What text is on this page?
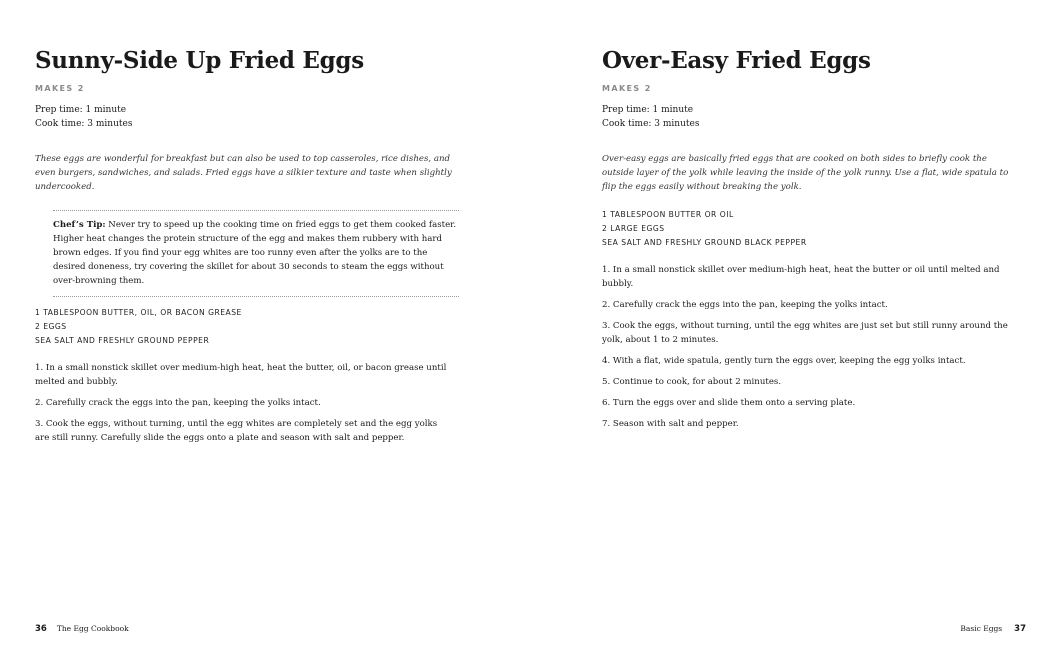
Sunny-Side Up Fried Eggs
MAKES 2
Prep time: 1 minute
Cook time: 3 minutes
These eggs are wonderful for breakfast but can also be used to top casseroles, rice dishes, and even burgers, sandwiches, and salads. Fried eggs have a silkier texture and taste when slightly undercooked.
Chef’s Tip: Never try to speed up the cooking time on fried eggs to get them cooked faster. Higher heat changes the protein structure of the egg and makes them rubbery with hard brown edges. If you find your egg whites are too runny even after the yolks are to the desired doneness, try covering the skillet for about 30 seconds to steam the eggs without over-browning them.
1 TABLESPOON BUTTER, OIL, OR BACON GREASE
2 EGGS
SEA SALT AND FRESHLY GROUND PEPPER
1. In a small nonstick skillet over medium-high heat, heat the butter, oil, or bacon grease until melted and bubbly.
2. Carefully crack the eggs into the pan, keeping the yolks intact.
3. Cook the eggs, without turning, until the egg whites are completely set and the egg yolks are still runny. Carefully slide the eggs onto a plate and season with salt and pepper.
Over-Easy Fried Eggs
MAKES 2
Prep time: 1 minute
Cook time: 3 minutes
Over-easy eggs are basically fried eggs that are cooked on both sides to briefly cook the outside layer of the yolk while leaving the inside of the yolk runny. Use a flat, wide spatula to flip the eggs easily without breaking the yolk.
1 TABLESPOON BUTTER OR OIL
2 LARGE EGGS
SEA SALT AND FRESHLY GROUND BLACK PEPPER
1. In a small nonstick skillet over medium-high heat, heat the butter or oil until melted and bubbly.
2. Carefully crack the eggs into the pan, keeping the yolks intact.
3. Cook the eggs, without turning, until the egg whites are just set but still runny around the yolk, about 1 to 2 minutes.
4. With a flat, wide spatula, gently turn the eggs over, keeping the egg yolks intact.
5. Continue to cook, for about 2 minutes.
6. Turn the eggs over and slide them onto a serving plate.
7. Season with salt and pepper.
36 The Egg Cookbook	Basic Eggs 37
